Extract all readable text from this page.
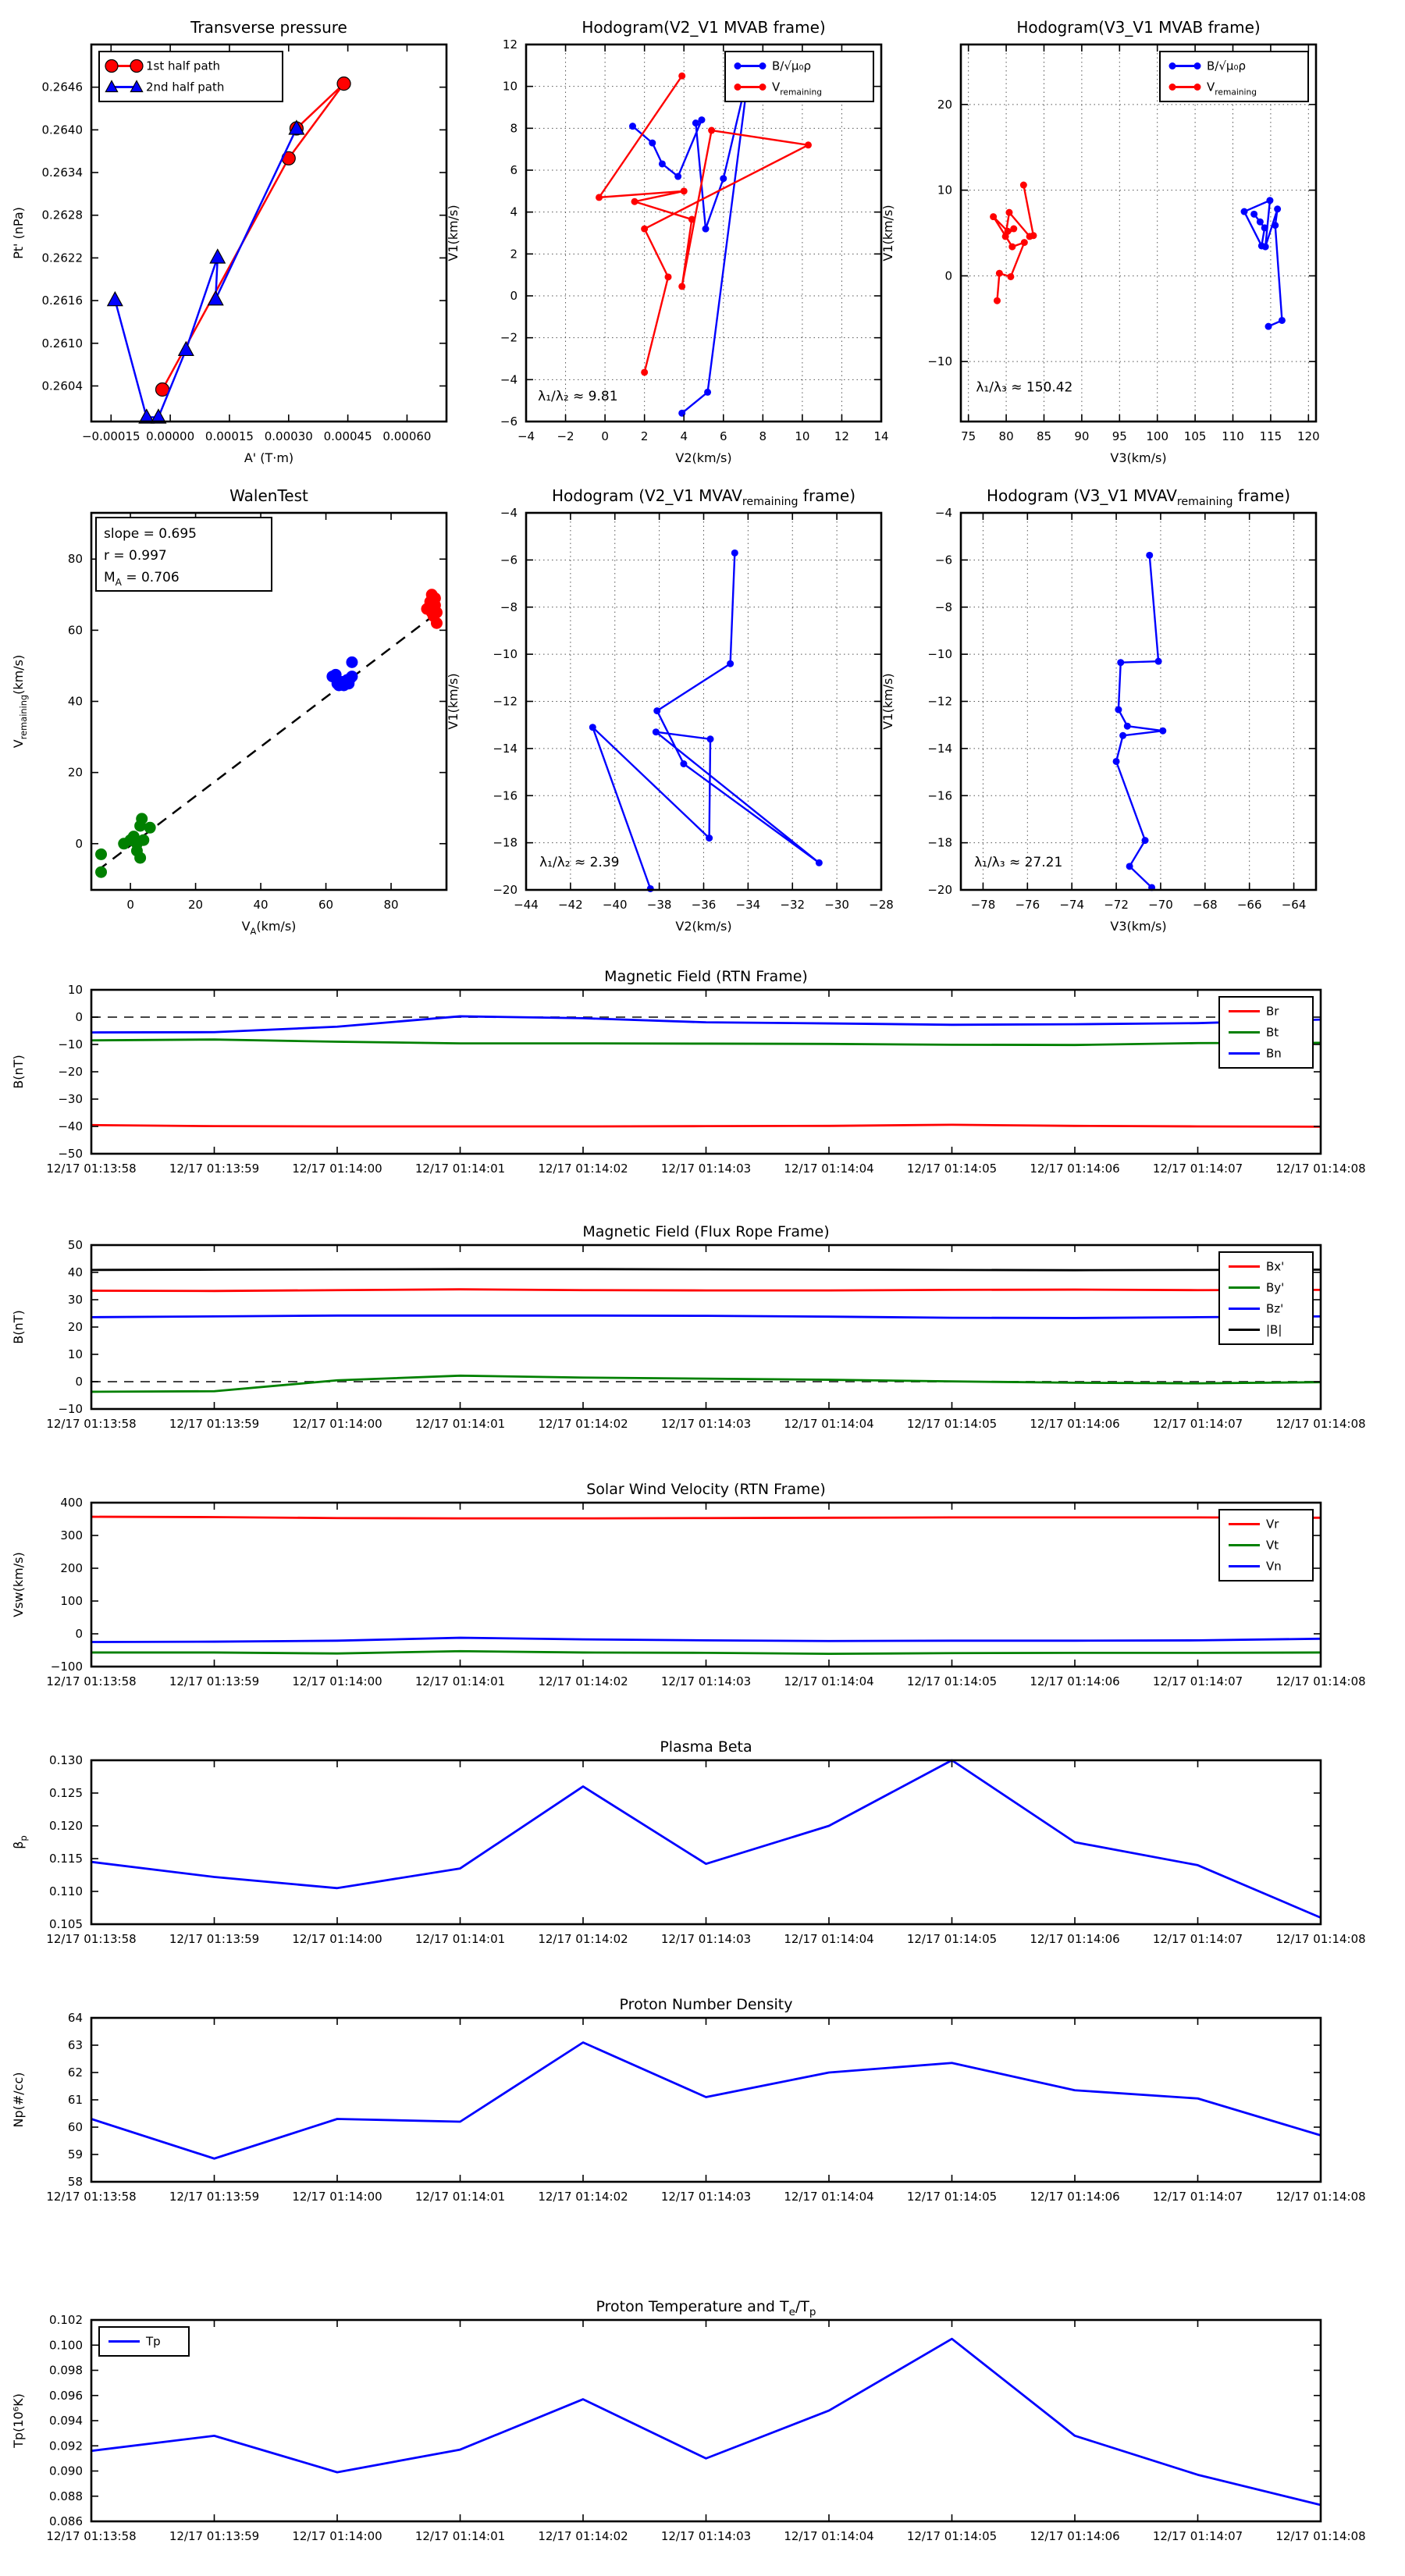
−0.00015 0.00000 0.00015 0.00030 0.00045 0.00060
0.2604
0.2610
0.2616
0.2622
0.2628
0.2634
0.2640
0.2646
Transverse pressure
A' (T·m)
Pt' (nPa)
1st half path
2nd half path
−4 −2 0	2	4	6	8 10 12 14
−6
−4
−2
0
2
4
6
8
10
12
Hodogram(V2_V1 MVAB frame)
V2(km/s)
V1(km/s)
B/√μ₀ρ
$V_{remaining}$
λ₁/λ₂ ≈ 9.81
75 80 85 90 95 100 105 110 115 120
−10
0
10
20
Hodogram(V3_V1 MVAB frame)
V3(km/s)
V1(km/s)
B/√μ₀ρ
$V_{remaining}$
λ₁/λ₃ ≈ 150.42
0	20	40	60	80
0
20
40
60
80
WalenTest
$V_A(km/s)$
$V_{remaining}(km/s)$
slope = 0.695
r = 0.997
$M_A = 0.706$
−44 −42 −40 −38 −36 −34 −32 −30 −28
−20
−18
−16
−14
−12
−10
−8
−6
−4
Hodogram (V2_V1 $MVAV_{remaining}$ frame)
V2(km/s)
V1(km/s)
λ₁/λ₂ ≈ 2.39
−78 −76 −74 −72 −70 −68 −66 −64
−20
−18
−16
−14
−12
−10
−8
−6
−4
Hodogram (V3_V1 $MVAV_{remaining}$ frame)
V3(km/s)
V1(km/s)
λ₁/λ₃ ≈ 27.21
12/17 01:13:58	12/17 01:13:59	12/17 01:14:00	12/17 01:14:01	12/17 01:14:02	12/17 01:14:03	12/17 01:14:04	12/17 01:14:05	12/17 01:14:06	12/17 01:14:07	12/17 01:14:08
−50
−40
−30
−20
−10
0
10
Magnetic Field (RTN Frame)
B(nT)
Br
Bt
Bn
12/17 01:13:58	12/17 01:13:59	12/17 01:14:00	12/17 01:14:01	12/17 01:14:02	12/17 01:14:03	12/17 01:14:04	12/17 01:14:05	12/17 01:14:06	12/17 01:14:07	12/17 01:14:08
−10
0
10
20
30
40
50
Magnetic Field (Flux Rope Frame)
B(nT)
Bx'
By'
Bz'
|B|
12/17 01:13:58	12/17 01:13:59	12/17 01:14:00	12/17 01:14:01	12/17 01:14:02	12/17 01:14:03	12/17 01:14:04	12/17 01:14:05	12/17 01:14:06	12/17 01:14:07	12/17 01:14:08
−100
0
100
200
300
400
Solar Wind Velocity (RTN Frame)
Vsw(km/s)
Vr
Vt
Vn
12/17 01:13:58	12/17 01:13:59	12/17 01:14:00	12/17 01:14:01	12/17 01:14:02	12/17 01:14:03	12/17 01:14:04	12/17 01:14:05	12/17 01:14:06	12/17 01:14:07	12/17 01:14:08
0.105
0.110
0.115
0.120
0.125
0.130
Plasma Beta
$\beta_p$
12/17 01:13:58	12/17 01:13:59	12/17 01:14:00	12/17 01:14:01	12/17 01:14:02	12/17 01:14:03	12/17 01:14:04	12/17 01:14:05	12/17 01:14:06	12/17 01:14:07	12/17 01:14:08
58
59
60
61
62
63
64
Proton Number Density
Np(#/cc)
12/17 01:13:58	12/17 01:13:59	12/17 01:14:00	12/17 01:14:01	12/17 01:14:02	12/17 01:14:03	12/17 01:14:04	12/17 01:14:05	12/17 01:14:06	12/17 01:14:07	12/17 01:14:08
0.086
0.088
0.090
0.092
0.094
0.096
0.098
0.100
0.102
Proton Temperature and $T_e/T_p$
Tp(10⁶K)
Tp
